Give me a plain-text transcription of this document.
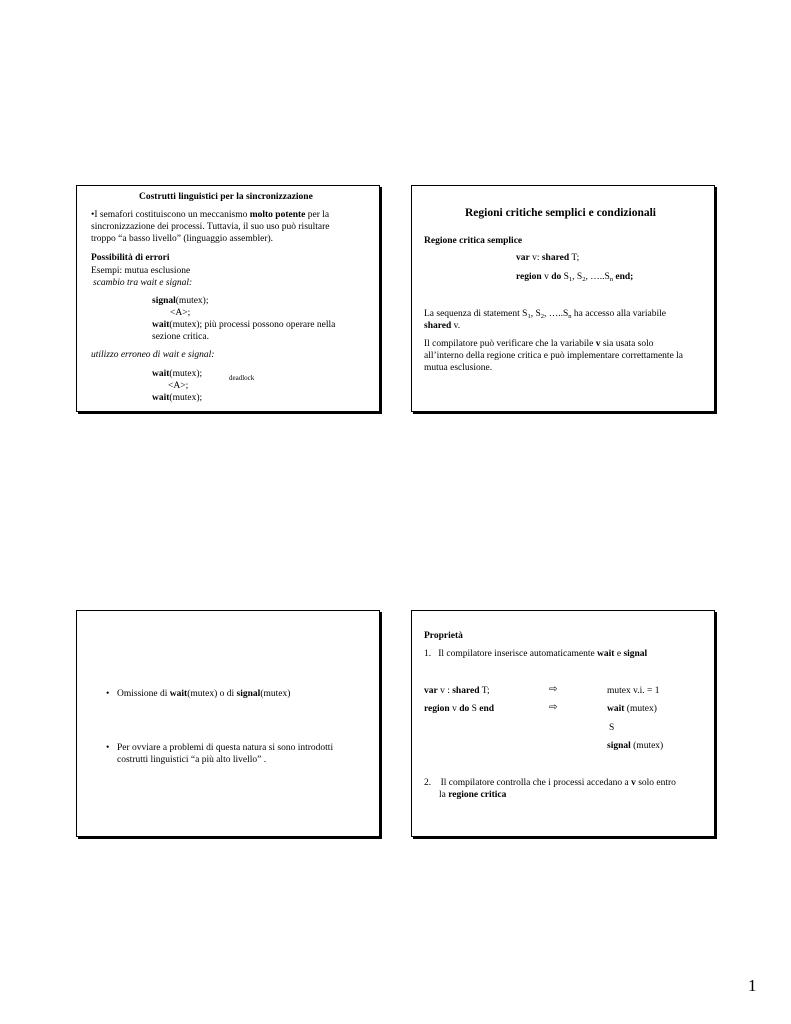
Costrutti linguistici per la sincronizzazione
•I semafori costituiscono un meccanismo molto potente per la
sincronizzazione dei processi. Tuttavia, il suo uso può risultare
troppo “a basso livello” (linguaggio assembler).
Possibilità di errori
Esempi: mutua esclusione
scambio tra wait e signal:
signal(mutex);
<A>;
wait(mutex); più processi possono operare nella
sezione critica.
utilizzo erroneo di wait e signal:
wait(mutex);	deadlock
<A>;
wait(mutex);
Regioni critiche semplici e condizionali
Regione critica semplice
var v: shared T;
region v do $S_1$, $S_2$, $\dots..S_n$ end;
La sequenza di statement $S_1$, $S_2$, $\dots..S_n$ ha accesso alla variabile
shared v.
Il compilatore può verificare che la variabile v sia usata solo
all’interno della regione critica e può implementare correttamente la
mutua esclusione.
• Omissione di wait(mutex) o di signal(mutex)
• Per ovviare a problemi di questa natura si sono introdotti
costrutti linguistici “a più alto livello” .
Proprietà
1. Il compilatore inserisce automaticamente wait e signal
var v : shared T;	⇨	mutex v.i. = 1
region v do S end	⇨	wait (mutex)
S
signal (mutex)
2. Il compilatore controlla che i processi accedano a v solo entro
la regione critica
1
